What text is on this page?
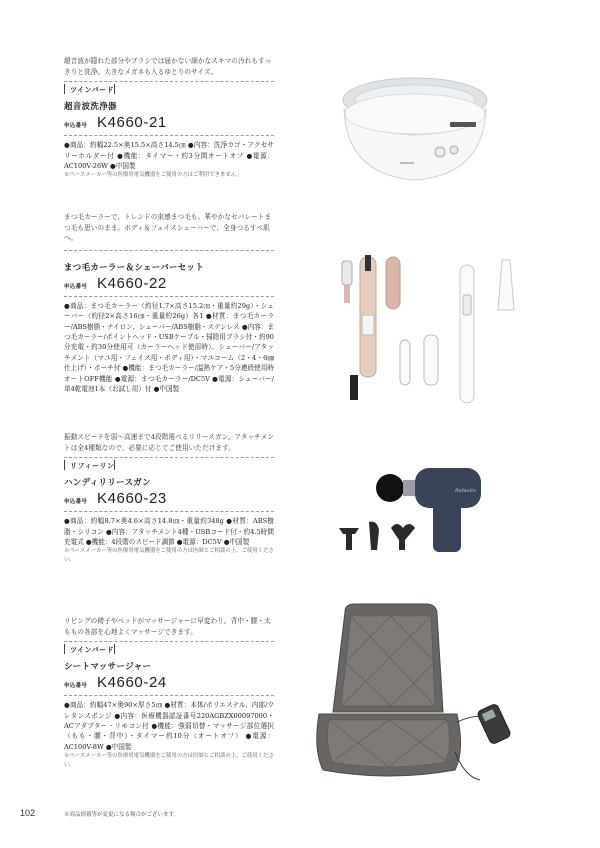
超音波が隠れた部分やブラシでは届かない細かなスキマの汚れもすっきりと洗浄。大きなメガネも入るゆとりのサイズ。

ツインバード
超音波洗浄器
申込番号 K4660-21

●商品：約幅22.5×奥15.5×高さ14.5㎝ ●内容：洗浄カゴ・アクセサリーホルダー付 ●機能：タイマー・約3分間オートオフ ●電源：AC100V-26W ●中国製

※ペースメーカー等の医療用電気機器をご使用の方はご利用できません。

まつ毛カーラーで、トレンドの束感まつ毛も、華やかなセパレートまつ毛も思いのまま。ボディ＆フェイスシェーバーで、全身つるすべ肌へ。

まつ毛カーラー＆シェーバーセット
申込番号 K4660-22

●商品：まつ毛カーラー（約径1.7×高さ15.2㎝・重量約29g）・シェーバー（約径2×高さ16㎝・重量約26g）各1 ●材質：まつ毛カーラー/ABS樹脂・ナイロン、シェーバー/ABS樹脂・ステンレス ●内容：まつ毛カーラー/ポイントヘッド・USBケーブル・掃除用ブラシ付・約90分充電・約30分使用可（カーラーヘッド使用時）、シェーバー/アタッチメント（マユ用・フェイス用・ボディ用）・マユコーム（2・4・6㎜仕上げ）・ポーチ付 ●機能：まつ毛カーラー/温熱ケア・5分連続使用時オートOFF機能 ●電源：まつ毛カーラー/DC5V ●電源：シェーバー/単4乾電池1本（お試し用）付 ●中国製

振動スピードを弱～高速まで4段階選べるリリースガン。アタッチメントは全4種類なので、必要に応じてご使用いただけます。

リフィーリン
ハンディリリースガン
申込番号 K4660-23

●商品：約幅8.7×奥4.6×高さ14.8㎝・重量約348g ●材質：ABS樹脂・シリコン ●内容：アタッチメント4種・USBコード付・約4.5時間充電式 ●機能：4段階のスピード調節 ●電源：DC5V ●中国製

※ペースメーカー等の医療用電気機器をご使用の方は医師とご相談の上、ご使用ください。

Refeelin

リビングの椅子やベッドがマッサージャーに早変わり。背中・腰・太ももの各部を心地よくマッサージできます。

ツインバード
シートマッサージャー
申込番号 K4660-24

●商品：約幅47×奥90×厚さ5㎝ ●材質：本体/ポリエステル、内部/ウレタンスポンジ ●内容：医療機器認証番号220AGBZX00097000・ACアダプター・リモコン付 ●機能：強弱切替・マッサージ部位選択（もも・腰・背中）・タイマー約10分（オートオフ） ●電源：AC100V-8W ●中国製

※ペースメーカー等の医療用電気機器をご使用の方は医師とご相談の上、ご使用ください。

102	※商品情報等が変更になる場合がございます。
